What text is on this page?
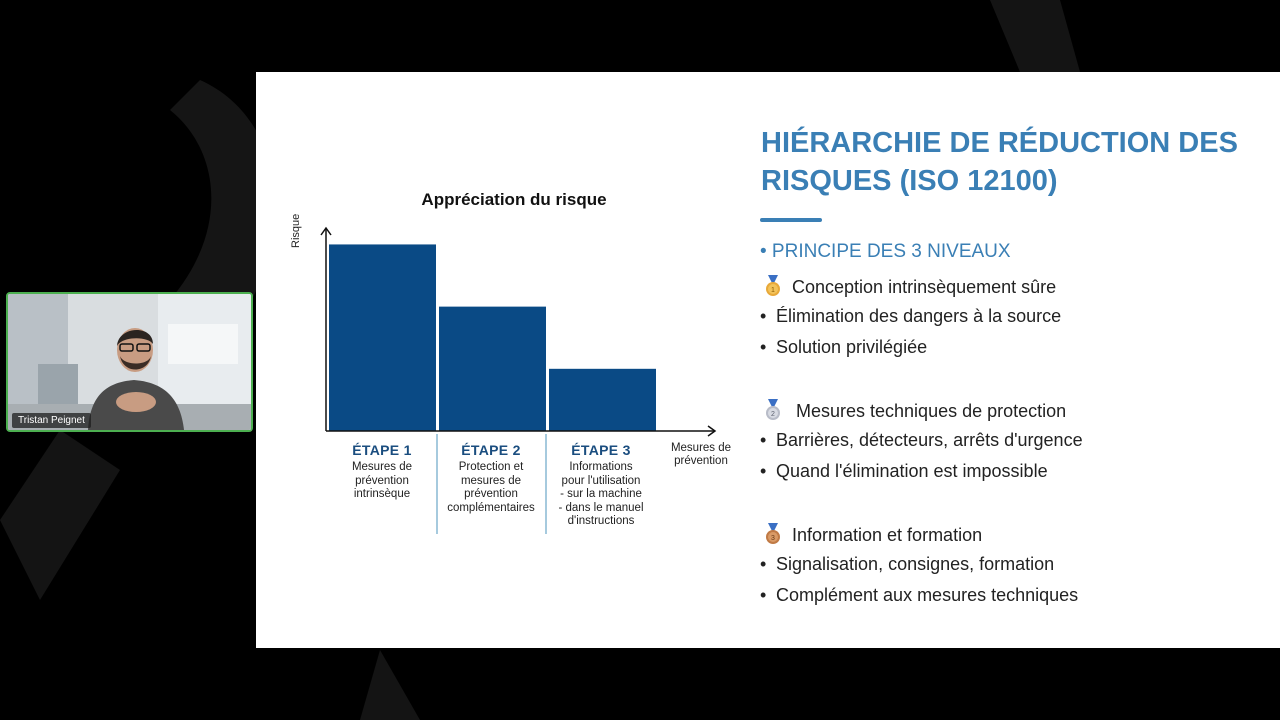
Tristan Peignet
Appréciation du risque
Risque
ÉTAPE 1
Mesures de
prévention
intrinsèque
ÉTAPE 2
Protection et
mesures de
prévention
complémentaires
ÉTAPE 3
Informations
pour l'utilisation
- sur la machine
- dans le manuel
d'instructions
Mesures de prévention
HIÉRARCHIE DE RÉDUCTION DES RISQUES (ISO 12100)
• PRINCIPE DES 3 NIVEAUX
1 Conception intrinsèquement sûre
• Élimination des dangers à la source
• Solution privilégiée
2 Mesures techniques de protection
• Barrières, détecteurs, arrêts d'urgence
• Quand l'élimination est impossible
3 Information et formation
• Signalisation, consignes, formation
• Complément aux mesures techniques
